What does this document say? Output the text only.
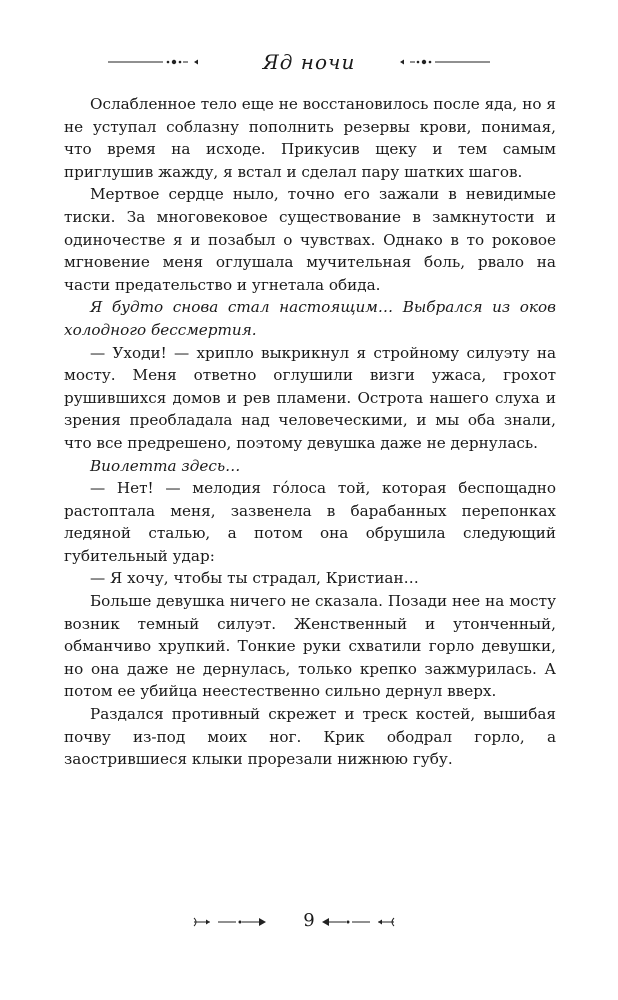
Яд ночи

Ослабленное тело еще не восстановилось после яда, но я не уступал соблазну пополнить резервы крови, понимая, что время на исходе. Прикусив щеку и тем самым приглушив жажду, я встал и сделал пару шатких шагов.

Мертвое сердце ныло, точно его зажали в невидимые тиски. За многовековое существование в замкнутости и одиночестве я и позабыл о чувствах. Однако в то роковое мгновение меня оглушала мучительная боль, рвало на части предательство и угнетала обида.

Я будто снова стал настоящим… Выбрался из оков холодного бессмертия.

— Уходи! — хрипло выкрикнул я стройному силуэту на мосту. Меня ответно оглушили визги ужаса, грохот рушившихся домов и рев пламени. Острота нашего слуха и зрения преобладала над человеческими, и мы оба знали, что все предрешено, поэтому девушка даже не дернулась.

Виолетта здесь…

— Нет! — мелодия го́лоса той, которая беспощадно растоптала меня, зазвенела в барабанных перепонках ледяной сталью, а потом она обрушила следующий губительный удар:

— Я хочу, чтобы ты страдал, Кристиан…

Больше девушка ничего не сказала. Позади нее на мосту возник темный силуэт. Женственный и утонченный, обманчиво хрупкий. Тонкие руки схватили горло девушки, но она даже не дернулась, только крепко зажмурилась. А потом ее убийца неестественно сильно дернул вверх.

Раздался противный скрежет и треск костей, вышибая почву из-под моих ног. Крик ободрал горло, а заострившиеся клыки прорезали нижнюю губу.

9
